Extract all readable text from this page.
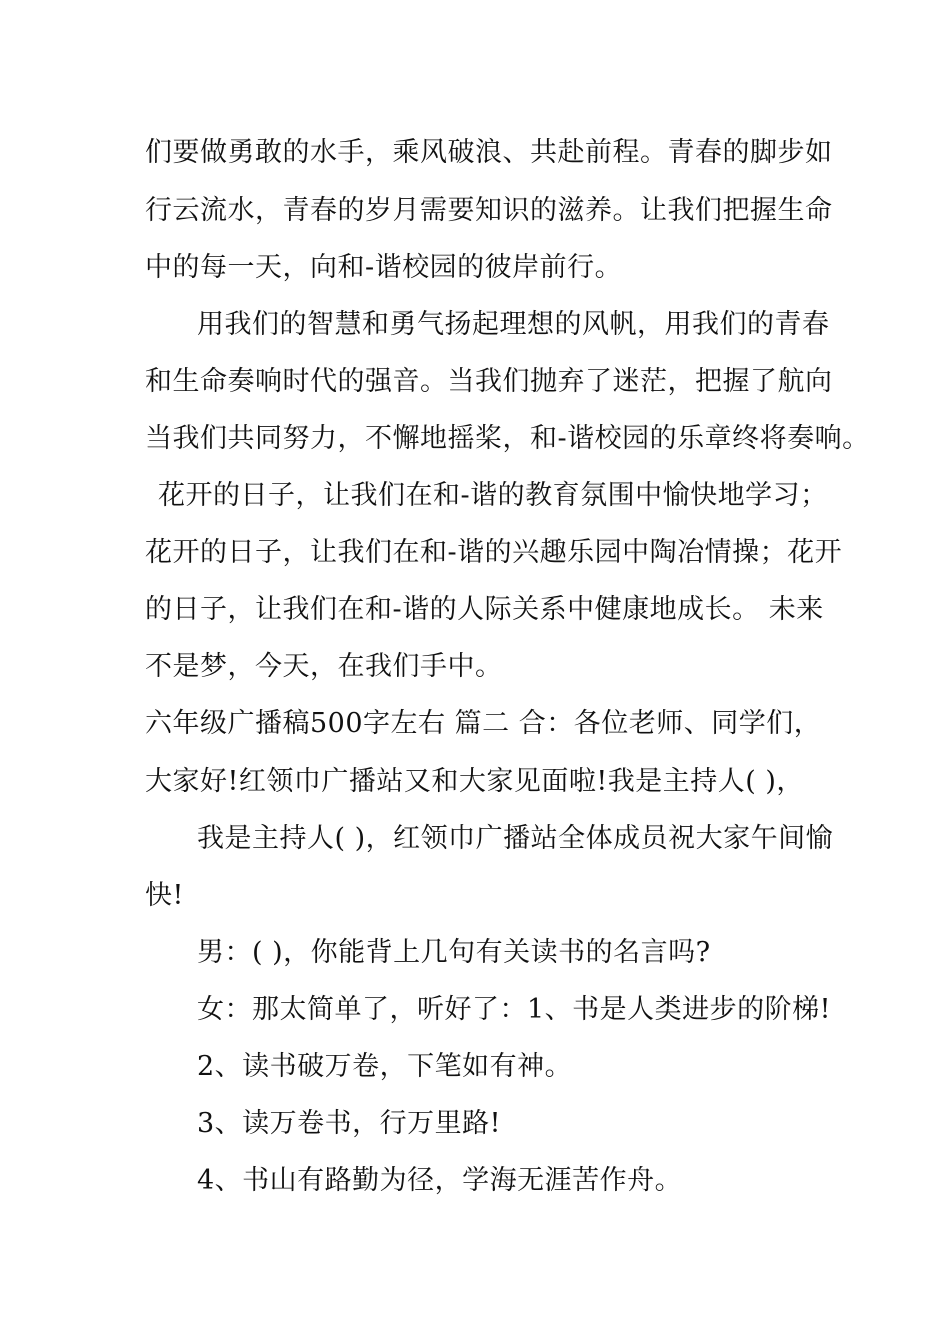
们要做勇敢的水手，乘风破浪、共赴前程。青春的脚步如
行云流水，青春的岁月需要知识的滋养。让我们把握生命
中的每一天，向和-谐校园的彼岸前行。
用我们的智慧和勇气扬起理想的风帆，用我们的青春
和生命奏响时代的强音。当我们抛弃了迷茫，把握了航向
当我们共同努力，不懈地摇桨，和-谐校园的乐章终将奏响。
花开的日子，让我们在和-谐的教育氛围中愉快地学习；
花开的日子，让我们在和-谐的兴趣乐园中陶冶情操；花开
的日子，让我们在和-谐的人际关系中健康地成长。 未来
不是梦，今天，在我们手中。
六年级广播稿500字左右 篇二 合：各位老师、同学们，
大家好!红领巾广播站又和大家见面啦!我是主持人( )，
我是主持人( )，红领巾广播站全体成员祝大家午间愉
快!
男：( )，你能背上几句有关读书的名言吗?
女：那太简单了，听好了：1、书是人类进步的阶梯!
2、读书破万卷，下笔如有神。
3、读万卷书，行万里路!
4、书山有路勤为径，学海无涯苦作舟。
